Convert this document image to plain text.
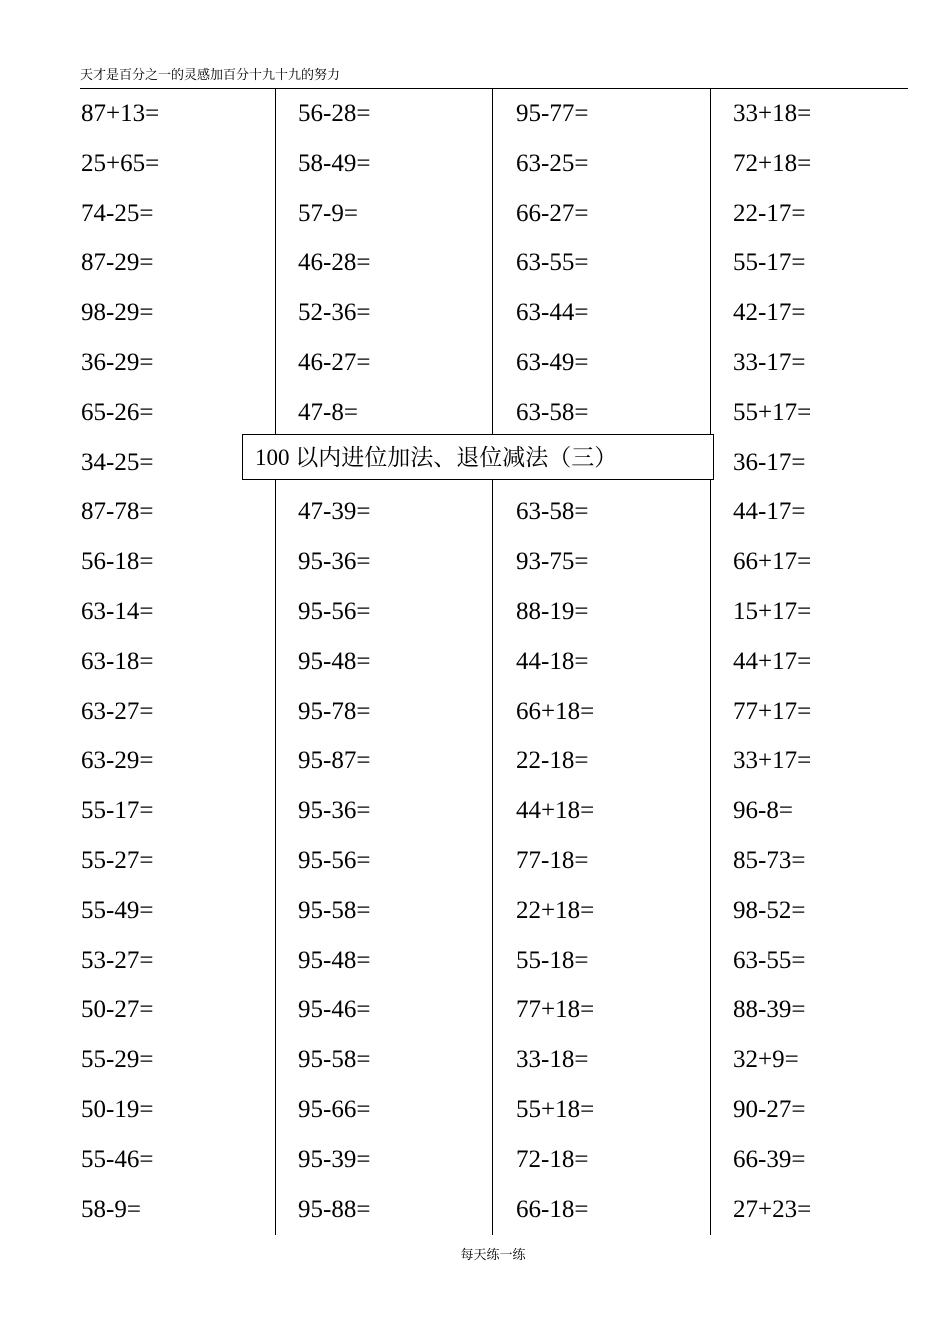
天才是百分之一的灵感加百分十九十九的努力
87+13=
25+65=
74-25=
87-29=
98-29=
36-29=
65-26=
34-25=
87-78=
56-18=
63-14=
63-18=
63-27=
63-29=
55-17=
55-27=
55-49=
53-27=
50-27=
55-29=
50-19=
55-46=
58-9=
56-28=
58-49=
57-9=
46-28=
52-36=
46-27=
47-8=
47-39=
95-36=
95-56=
95-48=
95-78=
95-87=
95-36=
95-56=
95-58=
95-48=
95-46=
95-58=
95-66=
95-39=
95-88=
95-77=
63-25=
66-27=
63-55=
63-44=
63-49=
63-58=
63-58=
93-75=
88-19=
44-18=
66+18=
22-18=
44+18=
77-18=
22+18=
55-18=
77+18=
33-18=
55+18=
72-18=
66-18=
33+18=
72+18=
22-17=
55-17=
42-17=
33-17=
55+17=
36-17=
44-17=
66+17=
15+17=
44+17=
77+17=
33+17=
96-8=
85-73=
98-52=
63-55=
88-39=
32+9=
90-27=
66-39=
27+23=
100 以内进位加法、退位减法（三）
每天练一练
